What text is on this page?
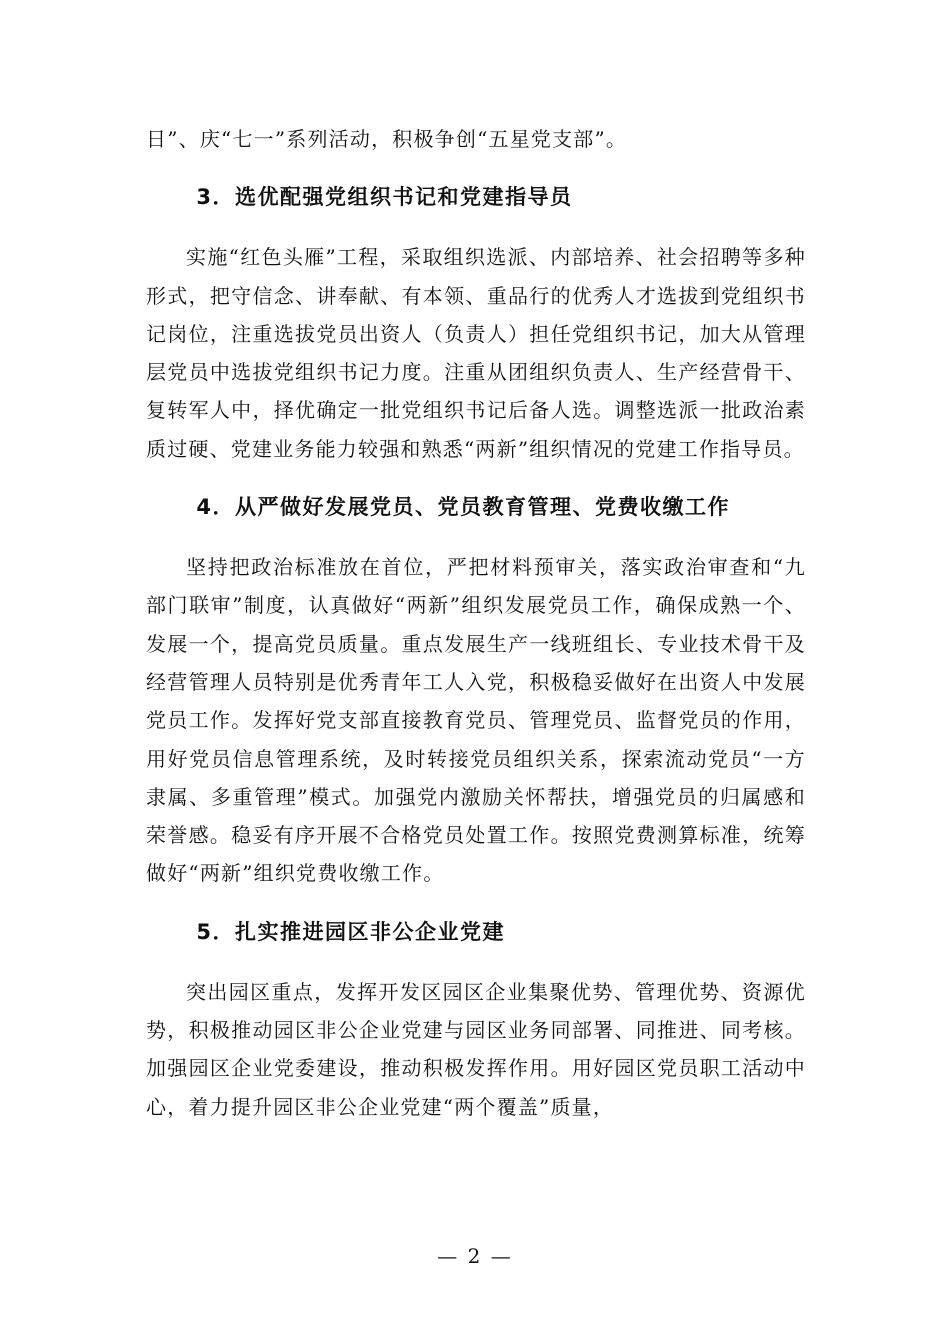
日”、庆“七一”系列活动，积极争创“五星党支部”。

3．选优配强党组织书记和党建指导员

实施“红色头雁”工程，采取组织选派、内部培养、社会招聘等多种形式，把守信念、讲奉献、有本领、重品行的优秀人才选拔到党组织书记岗位，注重选拔党员出资人（负责人）担任党组织书记，加大从管理层党员中选拔党组织书记力度。注重从团组织负责人、生产经营骨干、复转军人中，择优确定一批党组织书记后备人选。调整选派一批政治素质过硬、党建业务能力较强和熟悉“两新”组织情况的党建工作指导员。

4．从严做好发展党员、党员教育管理、党费收缴工作

坚持把政治标准放在首位，严把材料预审关，落实政治审查和“九部门联审”制度，认真做好“两新”组织发展党员工作，确保成熟一个、发展一个，提高党员质量。重点发展生产一线班组长、专业技术骨干及经营管理人员特别是优秀青年工人入党，积极稳妥做好在出资人中发展党员工作。发挥好党支部直接教育党员、管理党员、监督党员的作用，用好党员信息管理系统，及时转接党员组织关系，探索流动党员“一方隶属、多重管理”模式。加强党内激励关怀帮扶，增强党员的归属感和荣誉感。稳妥有序开展不合格党员处置工作。按照党费测算标准，统筹做好“两新”组织党费收缴工作。

5．扎实推进园区非公企业党建

突出园区重点，发挥开发区园区企业集聚优势、管理优势、资源优势，积极推动园区非公企业党建与园区业务同部署、同推进、同考核。加强园区企业党委建设，推动积极发挥作用。用好园区党员职工活动中心，着力提升园区非公企业党建“两个覆盖”质量，

— 2 —
